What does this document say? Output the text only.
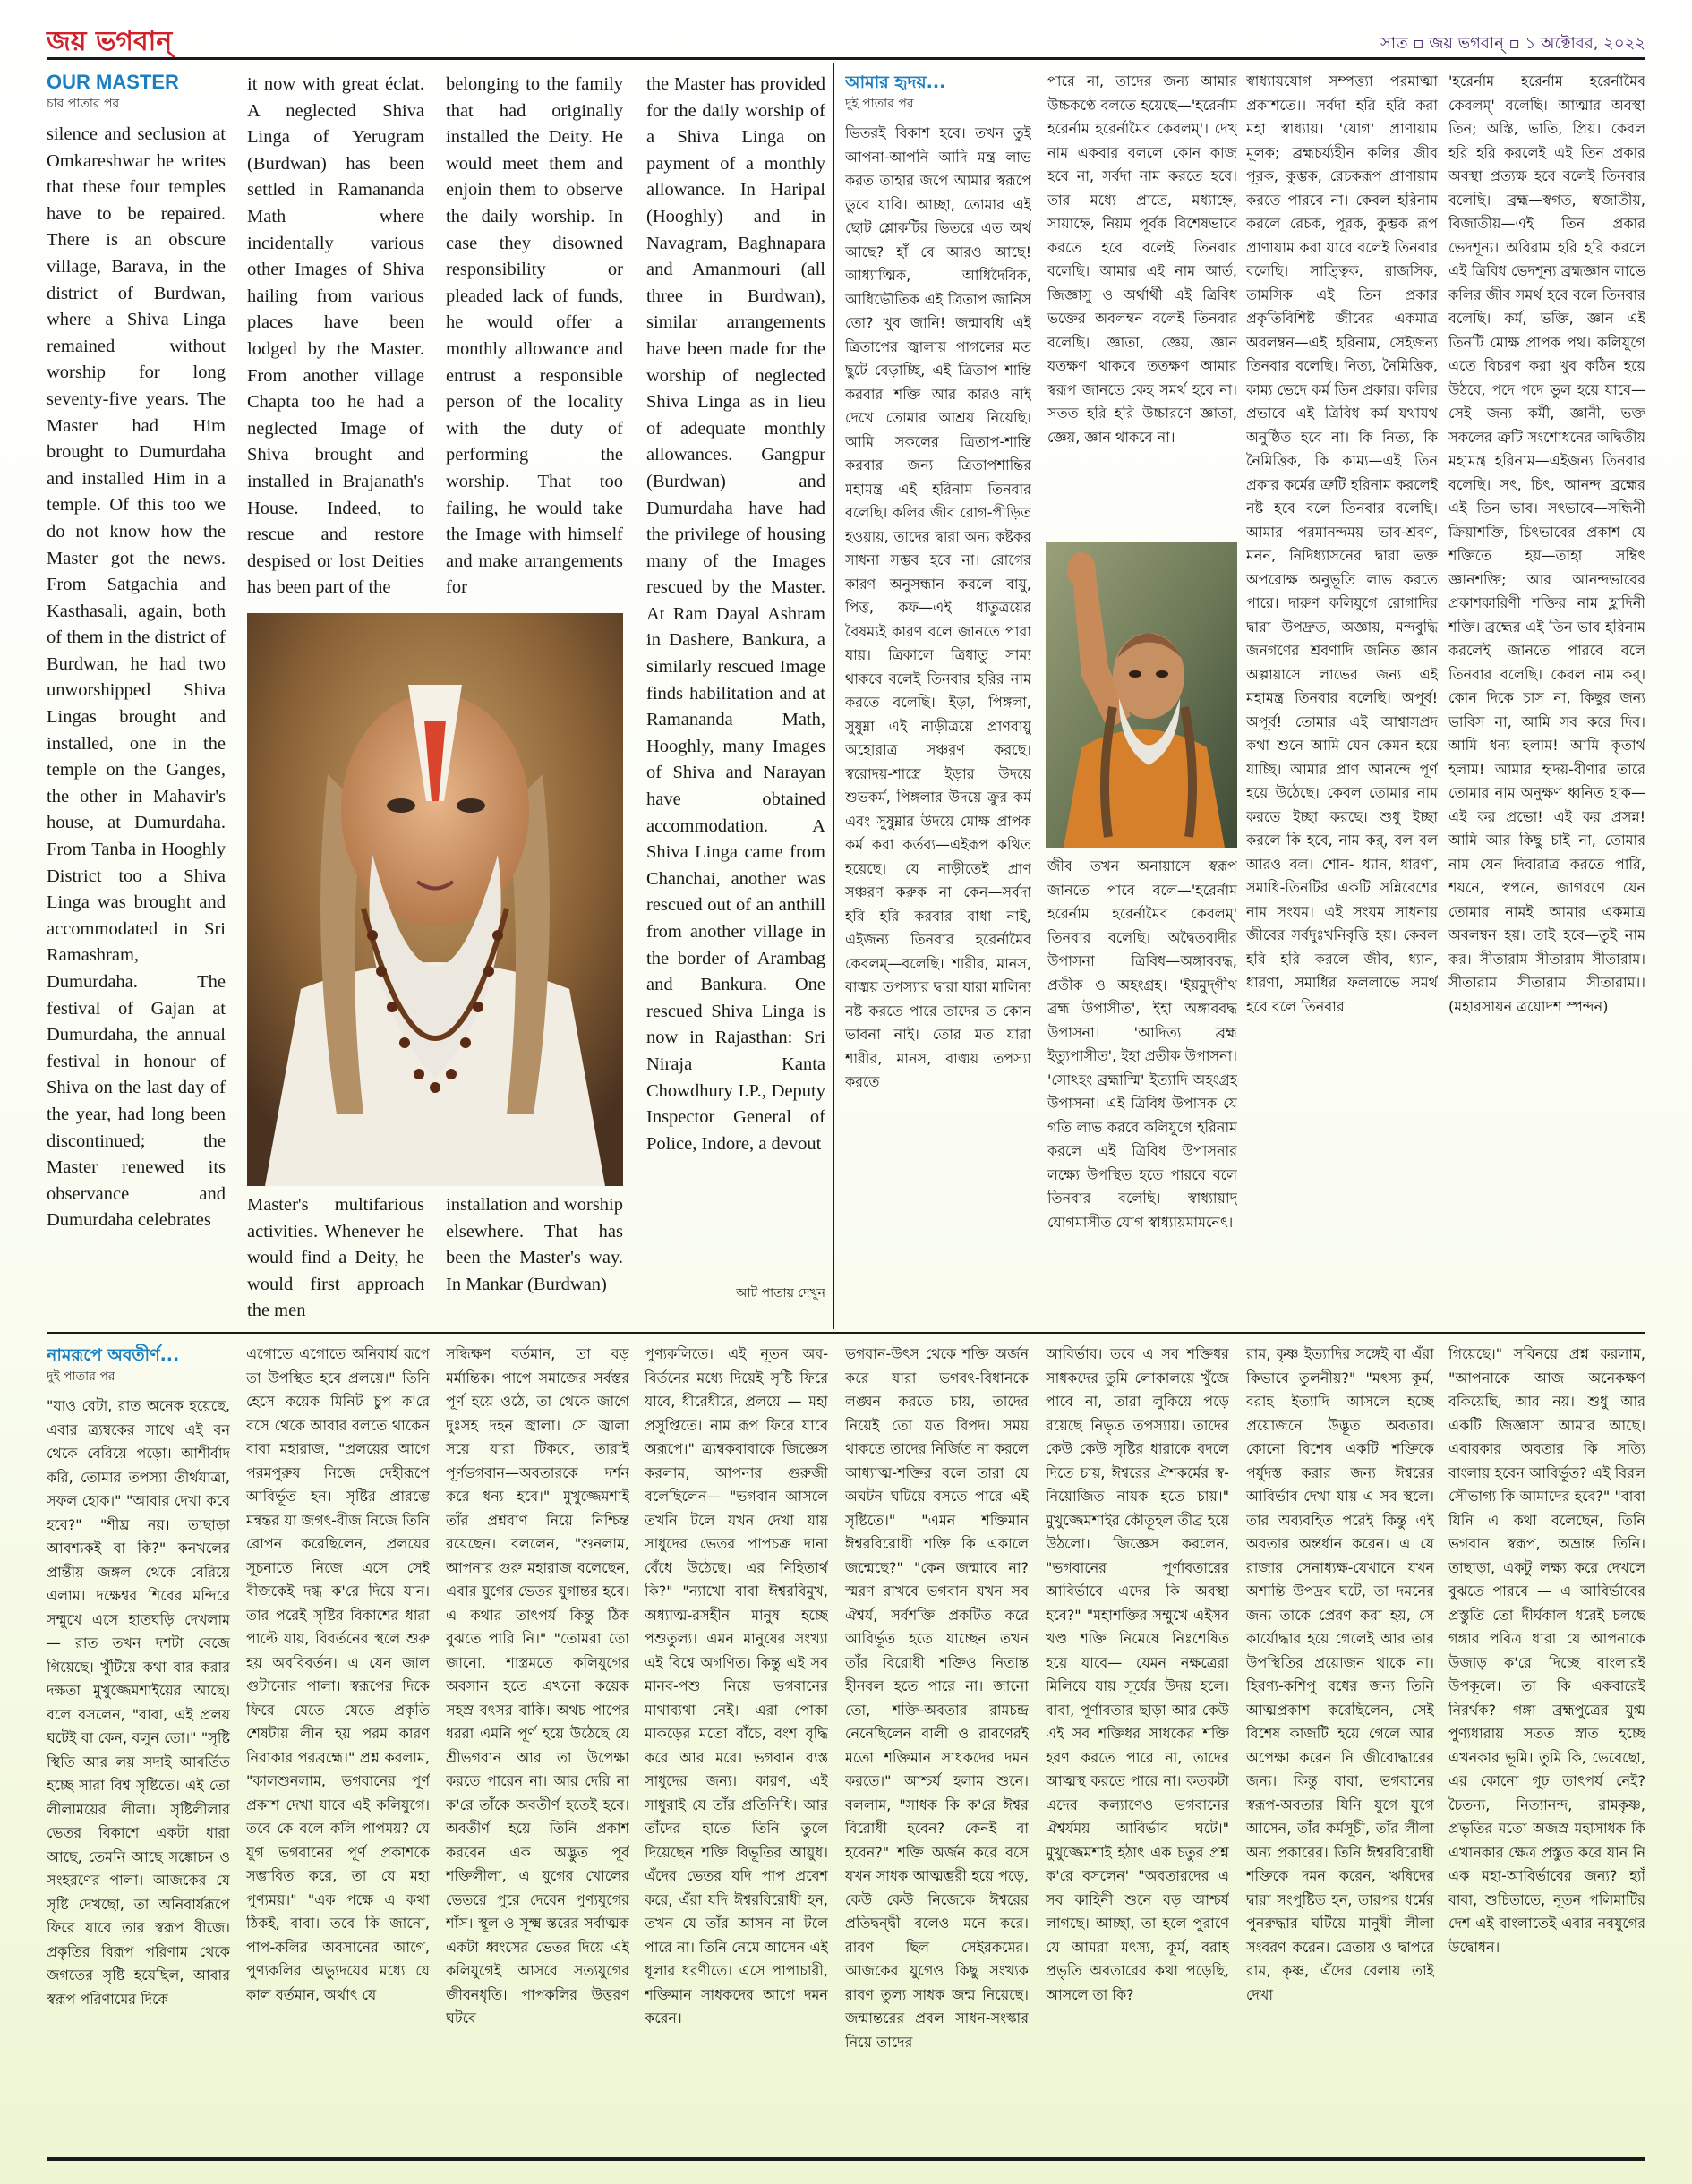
জয় ভগবান্	সাত ▫ জয় ভগবান্ ▫ ১ অক্টোবর, ২০২২
OUR MASTER
চার পাতার পর

silence and seclusion at Omkareshwar he writes that these four temples have to be repaired. There is an obscure village, Barava, in the district of Burdwan, where a Shiva Linga remained without worship for long seventy-five years. The Master had Him brought to Dumurdaha and installed Him in a temple. Of this too we do not know how the Master got the news. From Satgachia and Kasthasali, again, both of them in the district of Burdwan, he had two unworshipped Shiva Lingas brought and installed, one in the temple on the Ganges, the other in Mahavir's house, at Dumurdaha. From Tanba in Hooghly District too a Shiva Linga was brought and accommodated in Sri Ramashram, Dumurdaha. The festival of Gajan at Dumurdaha, the annual festival in honour of Shiva on the last day of the year, had long been discontinued; the Master renewed its observance and Dumurdaha celebrates

it now with great éclat. A neglected Shiva Linga of Yerugram (Burdwan) has been settled in Ramananda Math where incidentally various other Images of Shiva hailing from various places have been lodged by the Master. From another village Chapta too he had a neglected Image of Shiva brought and installed in Brajanath's House. Indeed, to rescue and restore despised or lost Deities has been part of the

belonging to the family that had originally installed the Deity. He would meet them and enjoin them to observe the daily worship. In case they disowned responsibility or pleaded lack of funds, he would offer a monthly allowance and entrust a responsible person of the locality with the duty of performing the worship. That too failing, he would take the Image with himself and make arrangements for

Master's multifarious activities. Whenever he would find a Deity, he would first approach the men

installation and worship elsewhere. That has been the Master's way. In Mankar (Burdwan)

the Master has provided for the daily worship of a Shiva Linga on payment of a monthly allowance. In Haripal (Hooghly) and in Navagram, Baghnapara and Amanmouri (all three in Burdwan), similar arrangements have been made for the worship of neglected Shiva Linga as in lieu of adequate monthly allowances. Gangpur (Burdwan) and Dumurdaha have had the privilege of housing many of the Images rescued by the Master. At Ram Dayal Ashram in Dashere, Bankura, a similarly rescued Image finds habilitation and at Ramananda Math, Hooghly, many Images of Shiva and Narayan have obtained accommodation. A Shiva Linga came from Chanchai, another was rescued out of an anthill from another village in the border of Arambag and Bankura. One rescued Shiva Linga is now in Rajasthan: Sri Niraja Kanta Chowdhury I.P., Deputy Inspector General of Police, Indore, a devout

আট পাতায় দেখুন
আমার হৃদয়...
দুই পাতার পর

ভিতরই বিকাশ হবে। তখন তুই আপনা-আপনি আদি মন্ত্র লাভ করত তাহার জপে আমার স্বরূপে ডুবে যাবি। আচ্ছা, তোমার এই ছোট শ্লোকটির ভিতরে এত অর্থ আছে? হাঁ বে আরও আছে! আধ্যাত্মিক, আধিদৈবিক, আধিভৌতিক এই ত্রিতাপ জানিস তো? খুব জানি! জন্মাবধি এই ত্রিতাপের জ্বালায় পাগলের মত ছুটে বেড়াচ্ছি, এই ত্রিতাপ শান্তি করবার শক্তি আর কারও নাই দেখে তোমার আশ্রয় নিয়েছি। আমি সকলের ত্রিতাপ-শান্তি করবার জন্য ত্রিতাপশান্তির মহামন্ত্র এই হরিনাম তিনবার বলেছি। কলির জীব রোগ-পীড়িত হওয়ায়, তাদের দ্বারা অন্য কষ্টকর সাধনা সম্ভব হবে না। রোগের কারণ অনুসন্ধান করলে বায়ু, পিত্ত, কফ—এই ধাতুত্রয়ের বৈষম্যই কারণ বলে জানতে পারা যায়। ত্রিকালে ত্রিধাতু সাম্য থাকবে বলেই তিনবার হরির নাম করতে বলেছি। ইড়া, পিঙ্গলা, সুষুম্না এই নাড়ীত্রয়ে প্রাণবায়ু অহোরাত্র সঞ্চরণ করছে। স্বরোদয়-শাস্ত্রে ইড়ার উদয়ে শুভকর্ম, পিঙ্গলার উদয়ে ক্রুর কর্ম এবং সুষুম্নার উদয়ে মোক্ষ প্রাপক কর্ম করা কর্তব্য—এইরূপ কথিত হয়েছে। যে নাড়ীতেই প্রাণ সঞ্চরণ করুক না কেন—সর্বদা হরি হরি করবার বাধা নাই, এইজন্য তিনবার হরের্নামৈব কেবলম্—বলেছি। শারীর, মানস, বাঙ্ময় তপস্যার দ্বারা যারা মালিন্য নষ্ট করতে পারে তাদের ত কোন ভাবনা নাই। তোর মত যারা শারীর, মানস, বাঙ্ময় তপস্যা করতে

পারে না, তাদের জন্য আমার উচ্চকণ্ঠে বলতে হয়েছে—'হরের্নাম হরের্নাম হরের্নামৈব কেবলম্'। দেখ্ নাম একবার বললে কোন কাজ হবে না, সর্বদা নাম করতে হবে। তার মধ্যে প্রাতে, মধ্যাহ্নে, সায়াহ্নে, নিয়ম পূর্বক বিশেষভাবে করতে হবে বলেই তিনবার বলেছি। আমার এই নাম আর্ত, জিজ্ঞাসু ও অর্থার্থী এই ত্রিবিধ ভক্তের অবলম্বন বলেই তিনবার বলেছি। জ্ঞাতা, জ্ঞেয়, জ্ঞান যতক্ষণ থাকবে ততক্ষণ আমার স্বরূপ জানতে কেহ সমর্থ হবে না। সতত হরি হরি উচ্চারণে জ্ঞাতা, জ্ঞেয়, জ্ঞান থাকবে না।

জীব তখন অনায়াসে স্বরূপ জানতে পাবে বলে—'হরের্নাম হরের্নাম হরের্নামৈব কেবলম্' তিনবার বলেছি। অদ্বৈতবাদীর উপাসনা ত্রিবিধ—অঙ্গাববদ্ধ, প্রতীক ও অহংগ্রহ। 'ইয়মুদ্‌গীথ ব্রহ্ম উপাসীত', ইহা অঙ্গাববদ্ধ উপাসনা। 'আদিত্য ব্রহ্ম ইত্যুপাসীত', ইহা প্রতীক উপাসনা। 'সোঽহং ব্রহ্মাস্মি' ইত্যাদি অহংগ্রহ উপাসনা। এই ত্রিবিধ উপাসক যে গতি লাভ করবে কলিযুগে হরিনাম করলে এই ত্রিবিধ উপাসনার লক্ষ্যে উপস্থিত হতে পারবে বলে তিনবার বলেছি। স্বাধ্যায়াদ্ যোগমাসীত যোগ স্বাধ্যায়মামনেৎ।

স্বাধ্যায়যোগ সম্পত্ত্যা পরমাত্মা প্রকাশতে।। সর্বদা হরি হরি করা মহা স্বাধ্যায়। 'যোগ' প্রাণায়াম মূলক; ব্রহ্মচর্য্যহীন কলির জীব পূরক, কুম্ভক, রেচকরূপ প্রাণায়াম করতে পারবে না। কেবল হরিনাম করলে রেচক, পূরক, কুম্ভক রূপ প্রাণায়াম করা যাবে বলেই তিনবার বলেছি। সাত্ত্বিক, রাজসিক, তামসিক এই তিন প্রকার প্রকৃতিবিশিষ্ট জীবের একমাত্র অবলম্বন—এই হরিনাম, সেইজন্য তিনবার বলেছি। নিত্য, নৈমিত্তিক, কাম্য ভেদে কর্ম তিন প্রকার। কলির প্রভাবে এই ত্রিবিধ কর্ম যথাযথ অনুষ্ঠিত হবে না। কি নিত্য, কি নৈমিত্তিক, কি কাম্য—এই তিন প্রকার কর্মের ত্রুটি হরিনাম করলেই নষ্ট হবে বলে তিনবার বলেছি। আমার পরমানন্দময় ভাব-শ্রবণ, মনন, নিদিধ্যাসনের দ্বারা ভক্ত অপরোক্ষ অনুভূতি লাভ করতে পারে। দারুণ কলিযুগে রোগাদির দ্বারা উপদ্রুত, অজ্ঞায়, মন্দবুদ্ধি জনগণের শ্রবণাদি জনিত জ্ঞান অল্পায়াসে লাভের জন্য এই মহামন্ত্র তিনবার বলেছি। অপূর্ব! অপূর্ব! তোমার এই আশ্বাসপ্রদ কথা শুনে আমি যেন কেমন হয়ে যাচ্ছি। আমার প্রাণ আনন্দে পূর্ণ হয়ে উঠেছে। কেবল তোমার নাম করতে ইচ্ছা করছে। শুধু ইচ্ছা করলে কি হবে, নাম কর্, বল বল আরও বল। শোন- ধ্যান, ধারণা, সমাধি-তিনটির একটি সন্নিবেশের নাম সংযম। এই সংযম সাধনায় জীবের সর্বদুঃখনিবৃত্তি হয়। কেবল হরি হরি করলে জীব, ধ্যান, ধারণা, সমাধির ফললাভে সমর্থ হবে বলে তিনবার

'হরের্নাম হরের্নাম হরের্নামৈব কেবলম্' বলেছি। আত্মার অবস্থা তিন; অস্তি, ভাতি, প্রিয়। কেবল হরি হরি করলেই এই তিন প্রকার অবস্থা প্রত্যক্ষ হবে বলেই তিনবার বলেছি। ব্রহ্ম—স্বগত, স্বজাতীয়, বিজাতীয়—এই তিন প্রকার ভেদশূন্য। অবিরাম হরি হরি করলে এই ত্রিবিধ ভেদশূন্য ব্রহ্মজ্ঞান লাভে কলির জীব সমর্থ হবে বলে তিনবার বলেছি। কর্ম, ভক্তি, জ্ঞান এই তিনটি মোক্ষ প্রাপক পথ। কলিযুগে এতে বিচরণ করা খুব কঠিন হয়ে উঠবে, পদে পদে ভুল হয়ে যাবে—সেই জন্য কর্মী, জ্ঞানী, ভক্ত সকলের ত্রুটি সংশোধনের অদ্বিতীয় মহামন্ত্র হরিনাম—এইজন্য তিনবার বলেছি। সৎ, চিৎ, আনন্দ ব্রহ্মের এই তিন ভাব। সৎভাবে—সন্ধিনী ক্রিয়াশক্তি, চিৎভাবের প্রকাশ যে শক্তিতে হয়—তাহা সম্বিৎ জ্ঞানশক্তি; আর আনন্দভাবের প্রকাশকারিণী শক্তির নাম হ্লাদিনী শক্তি। ব্রহ্মের এই তিন ভাব হরিনাম করলেই জানতে পারবে বলে তিনবার বলেছি। কেবল নাম কর্। কোন দিকে চাস না, কিছুর জন্য ভাবিস না, আমি সব করে দিব। আমি ধন্য হলাম! আমি কৃতার্থ হলাম! আমার হৃদয়-বীণার তারে তোমার নাম অনুক্ষণ ধ্বনিত হ'ক—এই কর প্রভো! এই কর প্রসন্ন! আমি আর কিছু চাই না, তোমার নাম যেন দিবারাত্র করতে পারি, শয়নে, স্বপনে, জাগরণে যেন তোমার নামই আমার একমাত্র অবলম্বন হয়। তাই হবে—তুই নাম কর। সীতারাম সীতারাম সীতারাম। সীতারাম সীতারাম সীতারাম।। (মহারসায়ন ত্রয়োদশ স্পন্দন)

নামরূপে অবতীর্ণ...
দুই পাতার পর

"যাও বেটা, রাত অনেক হয়েছে, এবার ত্র্যম্বকের সাথে এই বন থেকে বেরিয়ে পড়ো। আশীর্বাদ করি, তোমার তপস্যা তীর্থযাত্রা, সফল হোক।" "আবার দেখা কবে হবে?" "শীঘ্র নয়। তাছাড়া আবশ্যকই বা কি?" কনখলের প্রান্তীয় জঙ্গল থেকে বেরিয়ে এলাম। দক্ষেশ্বর শিবের মন্দিরে সম্মুখে এসে হাতঘড়ি দেখলাম — রাত তখন দশটা বেজে গিয়েছে। খুঁটিয়ে কথা বার করার দক্ষতা মুখুজ্জেমশাইয়ের আছে। বলে বসলেন, "বাবা, এই প্রলয় ঘটেই বা কেন, বলুন তো।" "সৃষ্টি স্থিতি আর লয় সদাই আবর্তিত হচ্ছে সারা বিশ্ব সৃষ্টিতে। এই তো লীলাময়ের লীলা। সৃষ্টিলীলার ভেতর বিকাশে একটা ধারা আছে, তেমনি আছে সঙ্কোচন ও সংহরণের পালা। আজকের যে সৃষ্টি দেখছো, তা অনিবার্যরূপে ফিরে যাবে তার স্বরূপ বীজে। প্রকৃতির বিরূপ পরিণাম থেকে জগতের সৃষ্টি হয়েছিল, আবার স্বরূপ পরিণামের দিকে

এগোতে এগোতে অনিবার্য রূপে তা উপস্থিত হবে প্রলয়ে।" তিনি হেসে কয়েক মিনিট চুপ ক'রে বসে থেকে আবার বলতে থাকেন বাবা মহারাজ, "প্রলয়ের আগে পরমপুরুষ নিজে দেহীরূপে আবির্ভূত হন। সৃষ্টির প্রারম্ভে মন্বন্তর যা জগৎ-বীজ নিজে তিনি রোপন করেছিলেন, প্রলয়ের সূচনাতে নিজে এসে সেই বীজকেই দগ্ধ ক'রে দিয়ে যান। তার পরেই সৃষ্টির বিকাশের ধারা পাল্টে যায়, বিবর্তনের স্থলে শুরু হয় অববিবর্তন। এ যেন জাল গুটানোর পালা। স্বরূপের দিকে ফিরে যেতে যেতে প্রকৃতি শেষটায় লীন হয় পরম কারণ নিরাকার পরব্রহ্মে।" প্রশ্ন করলাম, "কালশুনলাম, ভগবানের পূর্ণ প্রকাশ দেখা যাবে এই কলিযুগে। তবে কে বলে কলি পাপময়? যে যুগ ভগবানের পূর্ণ প্রকাশকে সম্ভাবিত করে, তা যে মহা পুণ্যময়।" "এক পক্ষে এ কথা ঠিকই, বাবা। তবে কি জানো, পাপ-কলির অবসানের আগে, পুণ্যকলির অভ্যুদয়ের মধ্যে যে কাল বর্তমান, অর্থাৎ যে

সন্ধিক্ষণ বর্তমান, তা বড় মর্মান্তিক। পাপে সমাজের সর্বস্তর পূর্ণ হয়ে ওঠে, তা থেকে জাগে দুঃসহ দহন জ্বালা। সে জ্বালা সয়ে যারা টিকবে, তারাই পূর্ণভগবান—অবতারকে দর্শন করে ধন্য হবে।" মুখুজ্জেমশাই তাঁর প্রশ্নবাণ নিয়ে নিশ্চিন্ত রয়েছেন। বললেন, "শুনলাম, আপনার গুরু মহারাজ বলেছেন, এবার যুগের ভেতর যুগান্তর হবে। এ কথার তাৎপর্য কিন্তু ঠিক বুঝতে পারি নি।" "তোমরা তো জানো, শাস্ত্রমতে কলিযুগের অবসান হতে এখনো কয়েক সহস্র বৎসর বাকি। অথচ পাপের ধররা এমনি পূর্ণ হয়ে উঠেছে যে শ্রীভগবান আর তা উপেক্ষা করতে পারেন না। আর দেরি না ক'রে তাঁকে অবতীর্ণ হতেই হবে। অবতীর্ণ হয়ে তিনি প্রকাশ করবেন এক অদ্ভুত পূর্ব শক্তিলীলা, এ যুগের খোলের ভেতরে পুরে দেবেন পুণ্যযুগের শাঁস। স্থূল ও সূক্ষ্ম স্তরের সর্বাত্মক একটা ধ্বংসের ভেতর দিয়ে এই কলিযুগেই আসবে সত্যযুগের জীবনধৃতি। পাপকলির উত্তরণ ঘটবে

পুণ্যকলিতে। এই নূতন অব-বির্তনের মধ্যে দিয়েই সৃষ্টি ফিরে যাবে, ধীরেধীরে, প্রলয়ে — মহা প্রসুপ্তিতে। নাম রূপ ফিরে যাবে অরূপে।" ত্র্যম্বকবাবাকে জিজ্ঞেস করলাম, আপনার গুরুজী বলেছিলেন— "ভগবান আসলে তখনি টলে যখন দেখা যায় সাধুদের ভেতর পাপচক্র দানা বেঁধে উঠেছে। এর নিহিতার্থ কি?" "ন্যাখো বাবা ঈশ্বরবিমুখ, অধ্যাত্ম-রসহীন মানুষ হচ্ছে পশুতুল্য। এমন মানুষের সংখ্যা এই বিশ্বে অগণিত। কিন্তু এই সব মানব-পশু নিয়ে ভগবানের মাথাব্যথা নেই। এরা পোকা মাকড়ের মতো বাঁচে, বংশ বৃদ্ধি করে আর মরে। ভগবান ব্যস্ত সাধুদের জন্য। কারণ, এই সাধুরাই যে তাঁর প্রতিনিধি। আর তাঁদের হাতে তিনি তুলে দিয়েছেন শক্তি বিভূতির আয়ুধ। এঁদের ভেতর যদি পাপ প্রবেশ করে, এঁরা যদি ঈশ্বরবিরোধী হন, তখন যে তাঁর আসন না টলে পারে না। তিনি নেমে আসেন এই ধূলার ধরণীতে। এসে পাপাচারী, শক্তিমান সাধকদের আগে দমন করেন।

ভগবান-উৎস থেকে শক্তি অর্জন করে যারা ভগবৎ-বিধানকে লঙ্ঘন করতে চায়, তাদের নিয়েই তো যত বিপদ। সময় থাকতে তাদের নির্জিত না করলে আধ্যাত্ম-শক্তির বলে তারা যে অঘটন ঘটিয়ে বসতে পারে এই সৃষ্টিতে।" "এমন শক্তিমান ঈশ্বরবিরোধী শক্তি কি একালে জন্মেছে?" "কেন জন্মাবে না? স্মরণ রাখবে ভগবান যখন সব ঐশ্বর্য, সর্বশক্তি প্রকটিত করে আবির্ভূত হতে যাচ্ছেন তখন তাঁর বিরোধী শক্তিও নিতান্ত হীনবল হতে পারে না। জানো তো, শক্তি-অবতার রামচন্দ্র নেনেছিলেন বালী ও রাবণেরই মতো শক্তিমান সাধকদের দমন করতে।" আশ্চর্য হলাম শুনে। বললাম, "সাধক কি ক'রে ঈশ্বর বিরোধী হবেন? কেনই বা হবেন?" শক্তি অর্জন করে বসে যখন সাধক আত্মম্ভরী হয়ে পড়ে, কেউ কেউ নিজেকে ঈশ্বরের প্রতিদ্বন্দ্বী বলেও মনে করে। রাবণ ছিল সেইরকমের। আজকের যুগেও কিছু সংখ্যক রাবণ তুল্য সাধক জন্ম নিয়েছে। জন্মান্তরের প্রবল সাধন-সংস্কার নিয়ে তাদের

আবির্ভাব। তবে এ সব শক্তিধর সাধকদের তুমি লোকালয়ে খুঁজে পাবে না, তারা লুকিয়ে পড়ে রয়েছে নিভৃত তপস্যায়। তাদের কেউ কেউ সৃষ্টির ধারাকে বদলে দিতে চায়, ঈশ্বরের ঐশকর্মের স্ব-নিয়োজিত নায়ক হতে চায়।" মুখুজ্জেমশাইর কৌতূহল তীব্র হয়ে উঠলো। জিজ্ঞেস করলেন, "ভগবানের পূর্ণাবতারের আবির্ভাবে এদের কি অবস্থা হবে?" "মহাশক্তির সম্মুখে এইসব খণ্ড শক্তি নিমেষে নিঃশেষিত হয়ে যাবে— যেমন নক্ষত্রেরা মিলিয়ে যায় সূর্যের উদয় হলে। বাবা, পূর্ণাবতার ছাড়া আর কেউ এই সব শক্তিধর সাধকের শক্তি হরণ করতে পারে না, তাদের আত্মস্থ করতে পারে না। কতকটা এদের কল্যাণেও ভগবানের ঐশ্বর্যময় আবির্ভাব ঘটে।" মুখুজ্জেমশাই হঠাৎ এক চতুর প্রশ্ন ক'রে বসলেন' "অবতারদের এ সব কাহিনী শুনে বড় আশ্চর্য লাগছে। আচ্ছা, তা হলে পুরাণে যে আমরা মৎস্য, কূর্ম, বরাহ প্রভৃতি অবতারের কথা পড়েছি, আসলে তা কি?

রাম, কৃষ্ণ ইত্যাদির সঙ্গেই বা এঁরা কিভাবে তুলনীয়?" "মৎস্য কূর্ম, বরাহ ইত্যাদি আসলে হচ্ছে প্রয়োজনে উদ্ভূত অবতার। কোনো বিশেষ একটি শক্তিকে পর্যুদস্ত করার জন্য ঈশ্বরের আবির্ভাব দেখা যায় এ সব স্থলে। তার অব্যবহিত পরেই কিন্তু এই অবতার অন্তর্ধান করেন। এ যে রাজার সেনাধ্যক্ষ-যেখানে যখন অশান্তি উপদ্রব ঘটে, তা দমনের জন্য তাকে প্রেরণ করা হয়, সে কার্যোদ্ধার হয়ে গেলেই আর তার উপস্থিতির প্রয়োজন থাকে না। হিরণ্য-কশিপু বধের জন্য তিনি আত্মপ্রকাশ করেছিলেন, সেই বিশেষ কাজটি হয়ে গেলে আর অপেক্ষা করেন নি জীবোদ্ধারের জন্য। কিন্তু বাবা, ভগবানের স্বরূপ-অবতার যিনি যুগে যুগে আসেন, তাঁর কর্মসূচী, তাঁর লীলা অন্য প্রকারের। তিনি ঈশ্বরবিরোধী শক্তিকে দমন করেন, ঋষিদের দ্বারা সংপুষ্টিত হন, তারপর ধর্মের পুনরুদ্ধার ঘটিয়ে মানুষী লীলা সংবরণ করেন। ত্রেতায় ও দ্বাপরে রাম, কৃষ্ণ, এঁদের বেলায় তাই দেখা

গিয়েছে।" সবিনয়ে প্রশ্ন করলাম, "আপনাকে আজ অনেকক্ষণ বকিয়েছি, আর নয়। শুধু আর একটি জিজ্ঞাসা আমার আছে। এবারকার অবতার কি সত্যি বাংলায় হবেন আবির্ভূত? এই বিরল সৌভাগ্য কি আমাদের হবে?" "বাবা যিনি এ কথা বলেছেন, তিনি ভগবান স্বরূপ, অভ্রান্ত তিনি। তাছাড়া, একটু লক্ষ্য করে দেখলে বুঝতে পারবে — এ আবির্ভাবের প্রস্তুতি তো দীর্ঘকাল ধরেই চলছে গঙ্গার পবিত্র ধারা যে আপনাকে উজাড় ক'রে দিচ্ছে বাংলারই উপকূলে। তা কি একবারেই নিরর্থক? গঙ্গা ব্রহ্মপুত্রের যুগ্ম পুণ্যধারায় সতত স্নাত হচ্ছে এখনকার ভূমি। তুমি কি, ভেবেছো, এর কোনো গূঢ় তাৎপর্য নেই? চৈতন্য, নিত্যানন্দ, রামকৃষ্ণ, প্রভৃতির মতো অজস্র মহাসাধক কি এখানকার ক্ষেত্র প্রস্তুত করে যান নি এক মহা-আবির্ভাবের জন্য? হ্যাঁ বাবা, শুচিতাতে, নূতন পলিমাটির দেশ এই বাংলাতেই এবার নবযুগের উদ্বোধন।
